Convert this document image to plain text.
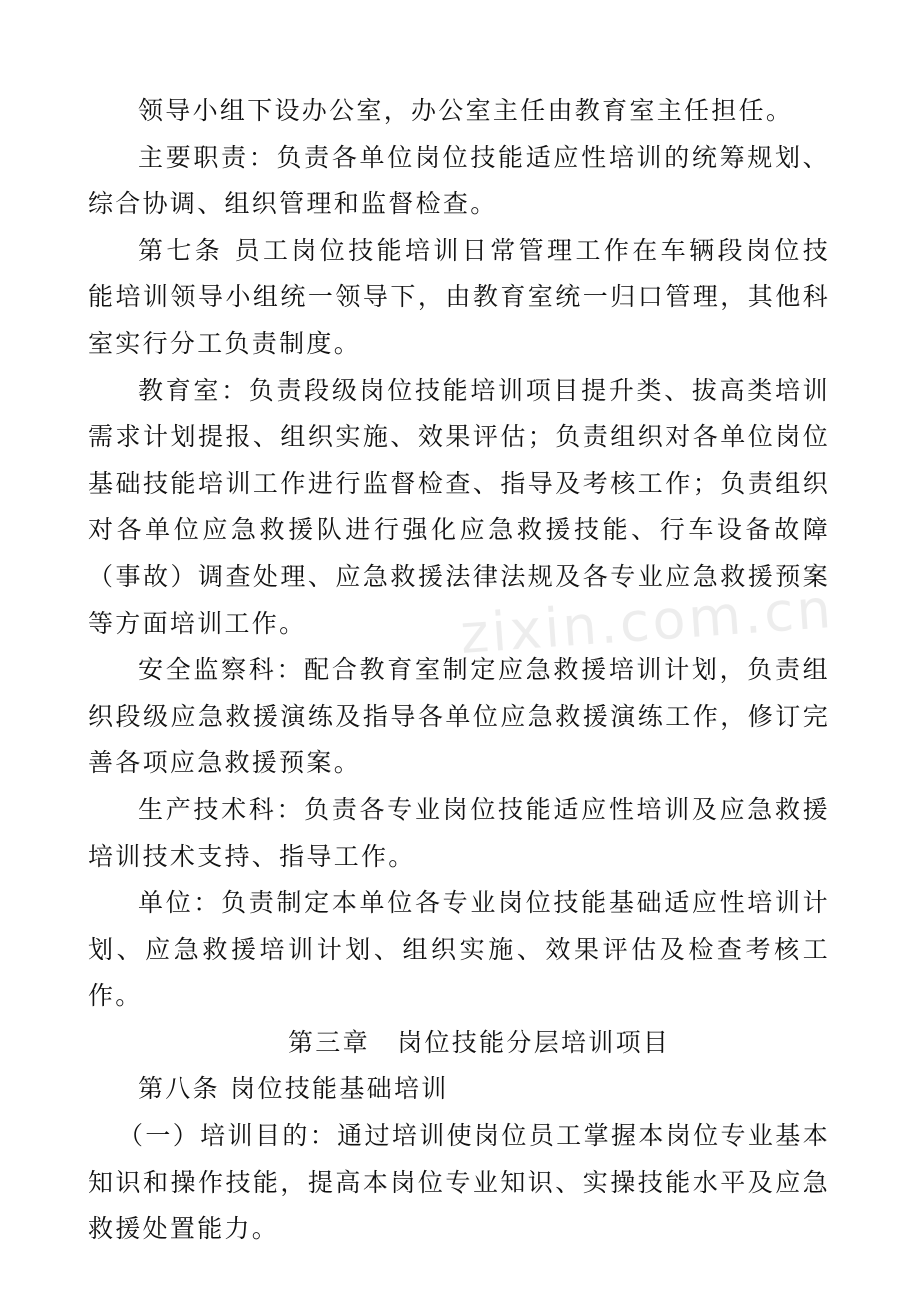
领导小组下设办公室，办公室主任由教育室主任担任。

主要职责：负责各单位岗位技能适应性培训的统筹规划、综合协调、组织管理和监督检查。

第七条 员工岗位技能培训日常管理工作在车辆段岗位技能培训领导小组统一领导下，由教育室统一归口管理，其他科室实行分工负责制度。

教育室：负责段级岗位技能培训项目提升类、拔高类培训需求计划提报、组织实施、效果评估；负责组织对各单位岗位基础技能培训工作进行监督检查、指导及考核工作；负责组织对各单位应急救援队进行强化应急救援技能、行车设备故障（事故）调查处理、应急救援法律法规及各专业应急救援预案等方面培训工作。

安全监察科：配合教育室制定应急救援培训计划，负责组织段级应急救援演练及指导各单位应急救援演练工作，修订完善各项应急救援预案。

生产技术科：负责各专业岗位技能适应性培训及应急救援培训技术支持、指导工作。

单位：负责制定本单位各专业岗位技能基础适应性培训计划、应急救援培训计划、组织实施、效果评估及检查考核工作。

第三章　岗位技能分层培训项目

第八条 岗位技能基础培训

（一）培训目的：通过培训使岗位员工掌握本岗位专业基本知识和操作技能，提高本岗位专业知识、实操技能水平及应急救援处置能力。

zixin.com.cn
